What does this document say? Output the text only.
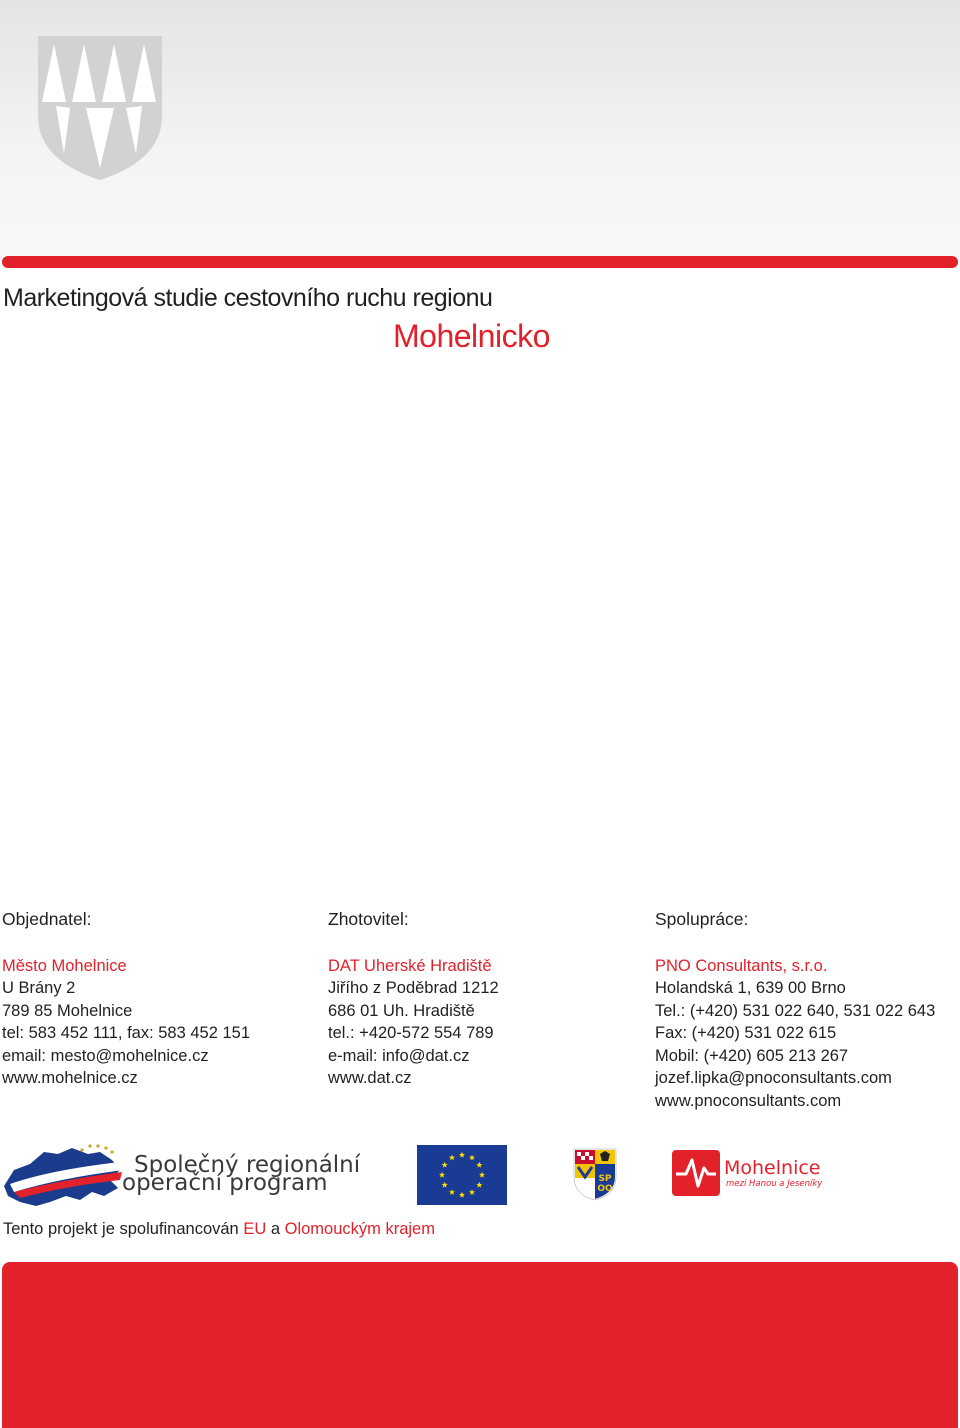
Marketingová studie cestovního ruchu regionu
Mohelnicko
Objednatel:
Město Mohelnice
U Brány 2
789 85 Mohelnice
tel: 583 452 111, fax: 583 452 151
email: mesto@mohelnice.cz
www.mohelnice.cz
Zhotovitel:
DAT Uherské Hradiště
Jiřího z Poděbrad 1212
686 01 Uh. Hradiště
tel.: +420-572 554 789
e-mail: info@dat.cz
www.dat.cz
Spolupráce:
PNO Consultants, s.r.o.
Holandská 1, 639 00 Brno
Tel.: (+420) 531 022 640, 531 022 643
Fax: (+420) 531 022 615
Mobil: (+420) 605 213 267
jozef.lipka@pnoconsultants.com
www.pnoconsultants.com
Společný regionální
operační program	SP
OO
Mohelnice
mezi Hanou a Jeseníky
Tento projekt je spolufinancován EU a Olomouckým krajem
